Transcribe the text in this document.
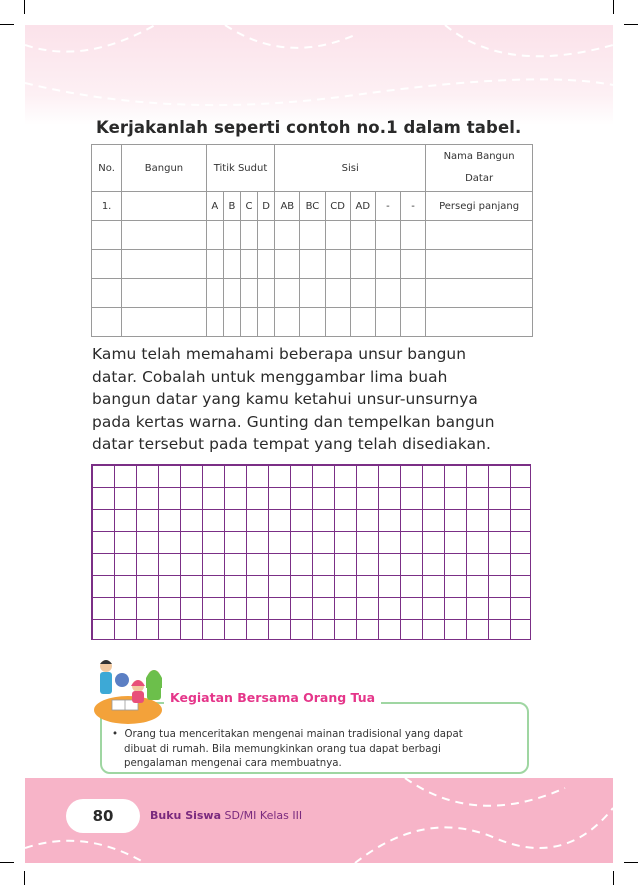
Kerjakanlah seperti contoh no.1 dalam tabel.
No.	Bangun	Titik Sudut				Sisi						Nama Bangun
Datar

1.		A	B	C	D	AB	BC	CD	AD	-	-	Persegi panjang

Kamu telah memahami beberapa unsur bangun
datar. Cobalah untuk menggambar lima buah
bangun datar yang kamu ketahui unsur-unsurnya
pada kertas warna. Gunting dan tempelkan bangun
datar tersebut pada tempat yang telah disediakan.
Kegiatan Bersama Orang Tua
• Orang tua menceritakan mengenai mainan tradisional yang dapat
dibuat di rumah. Bila memungkinkan orang tua dapat berbagi
pengalaman mengenai cara membuatnya.
80	Buku Siswa SD/MI Kelas III
